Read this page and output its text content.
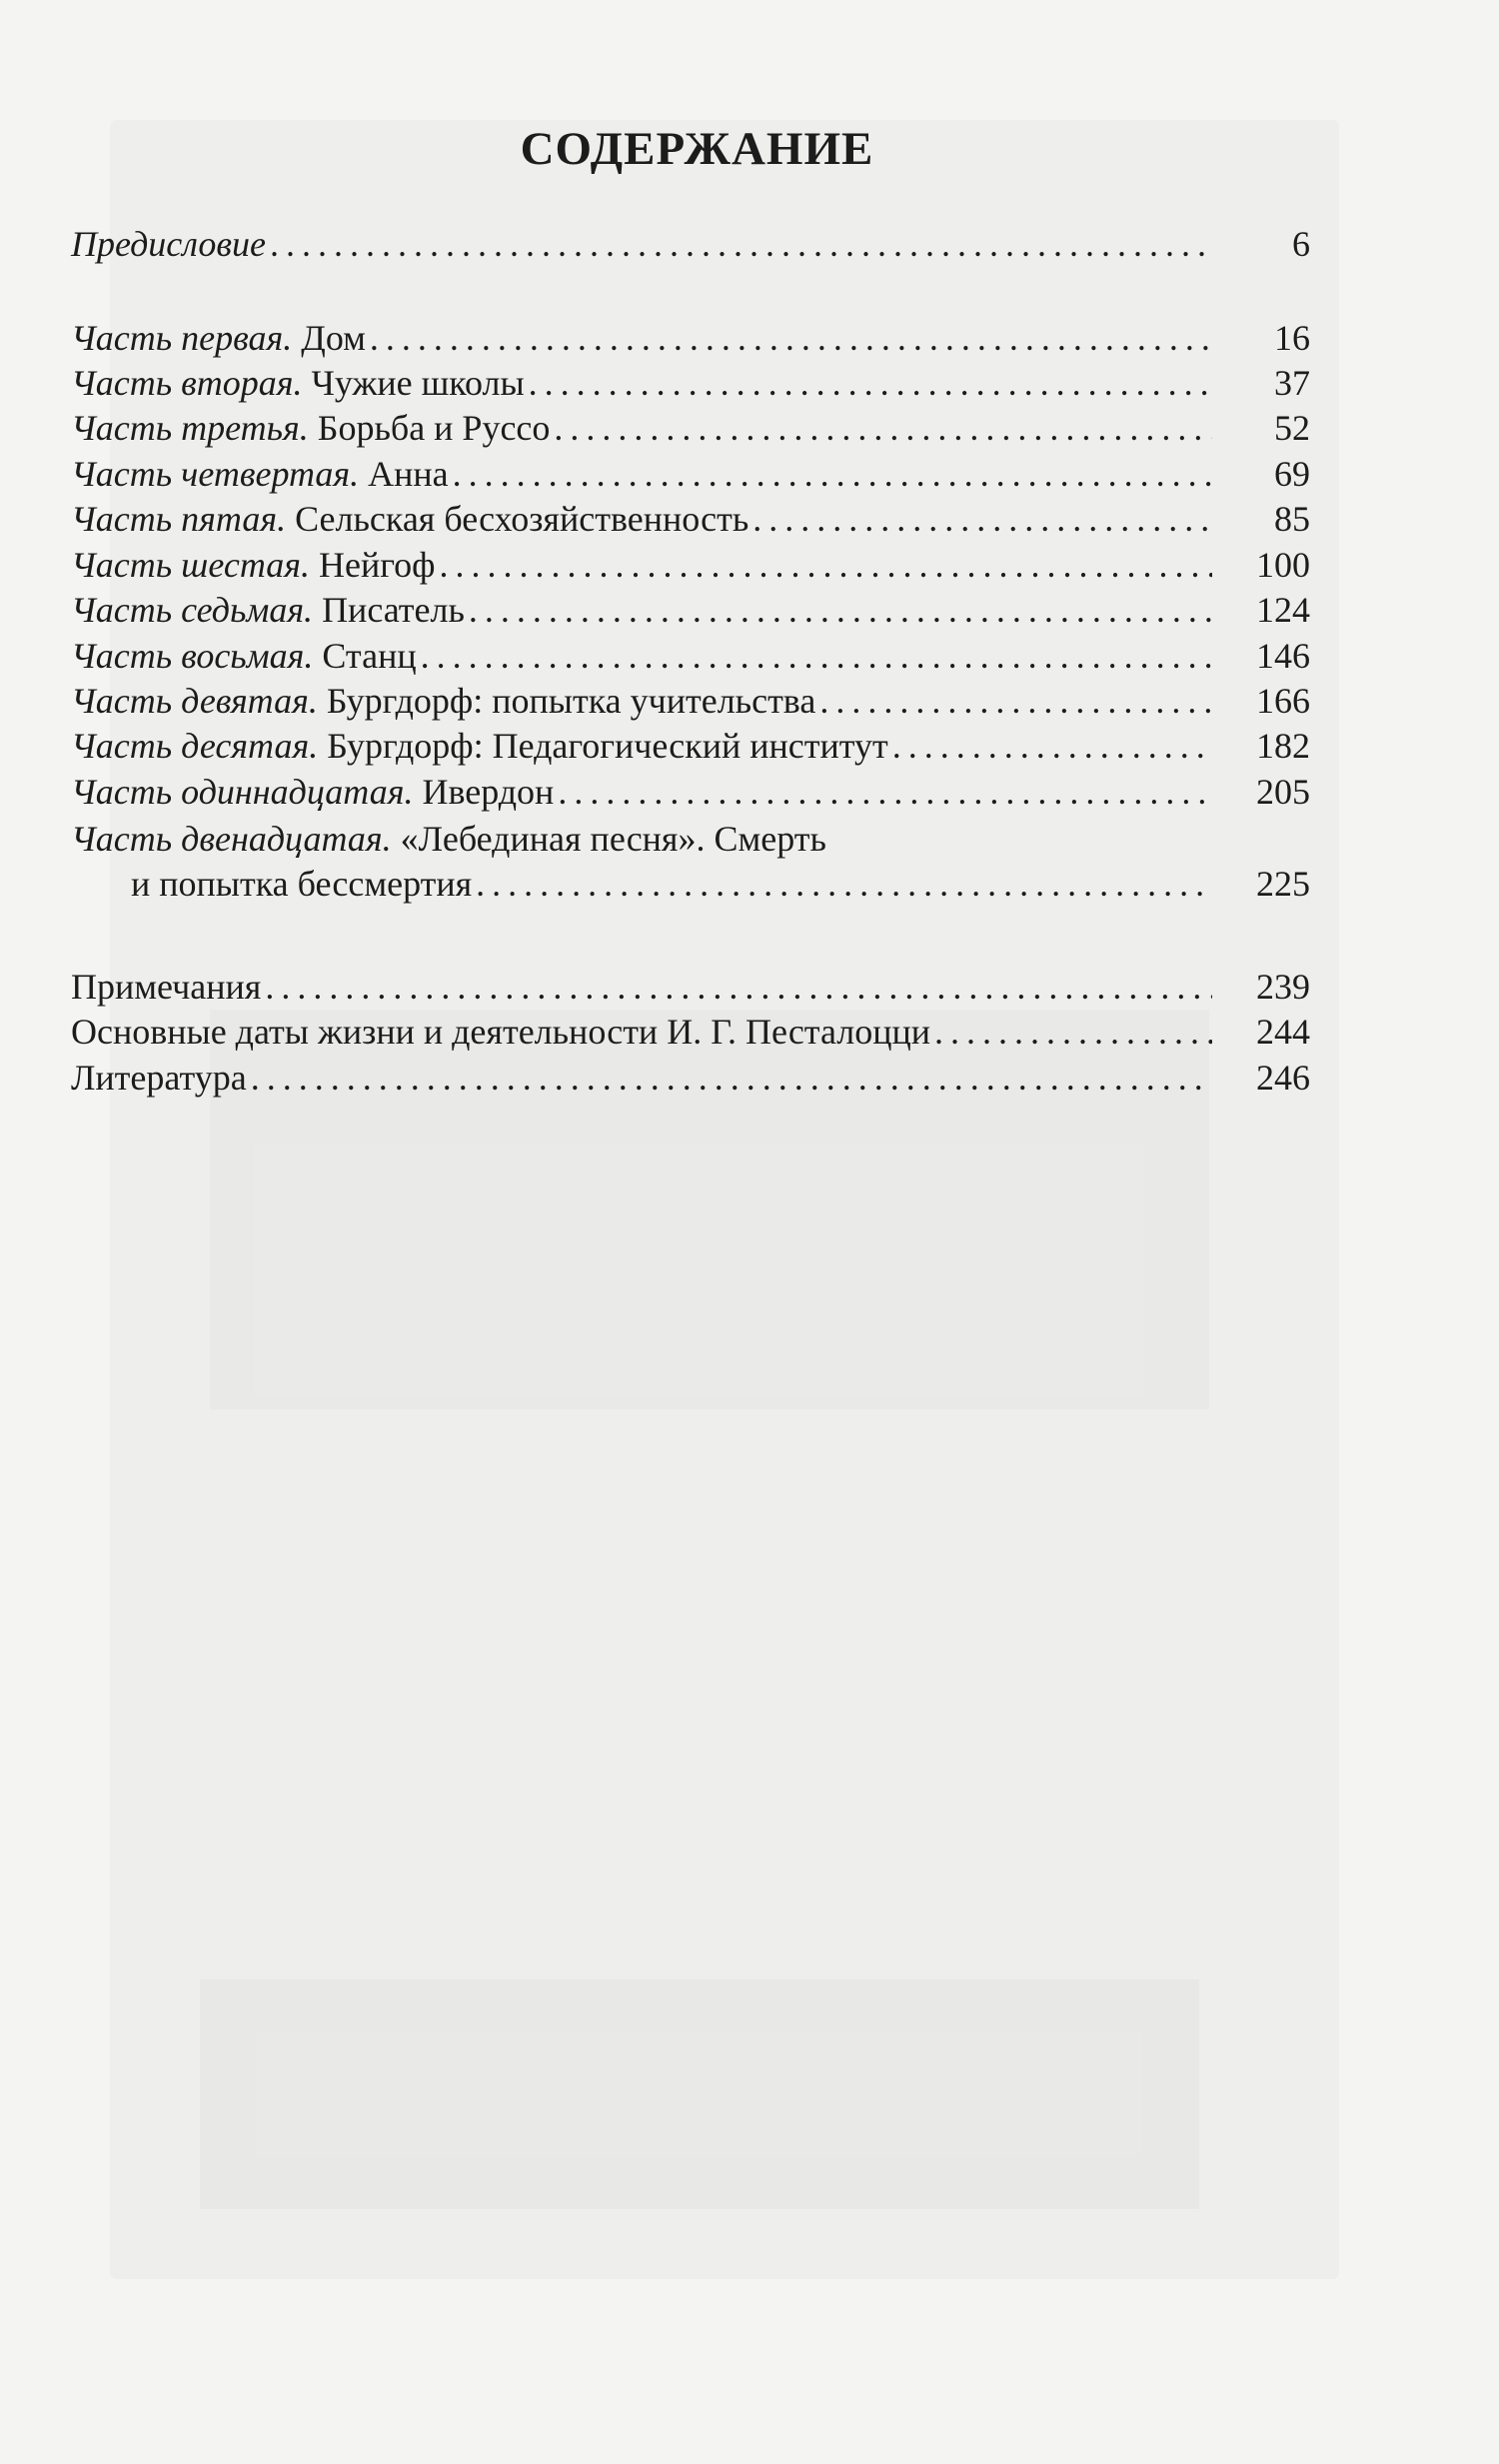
СОДЕРЖАНИЕ
Предисловие . . .	6
Часть первая. Дом . . .	16
Часть вторая. Чужие школы . . .	37
Часть третья. Борьба и Руссо . . .	52
Часть четвертая. Анна . . .	69
Часть пятая. Сельская бесхозяйственность . . .	85
Часть шестая. Нейгоф . . .	100
Часть седьмая. Писатель . . .	124
Часть восьмая. Станц . . .	146
Часть девятая. Бургдорф: попытка учительства . . .	166
Часть десятая. Бургдорф: Педагогический институт . . .	182
Часть одиннадцатая. Ивердон . . .	205
Часть двенадцатая. «Лебединая песня». Смерть
и попытка бессмертия . . .	225
Примечания . . .	239
Основные даты жизни и деятельности И. Г. Песталоцци . . .	244
Литература . . .	246
